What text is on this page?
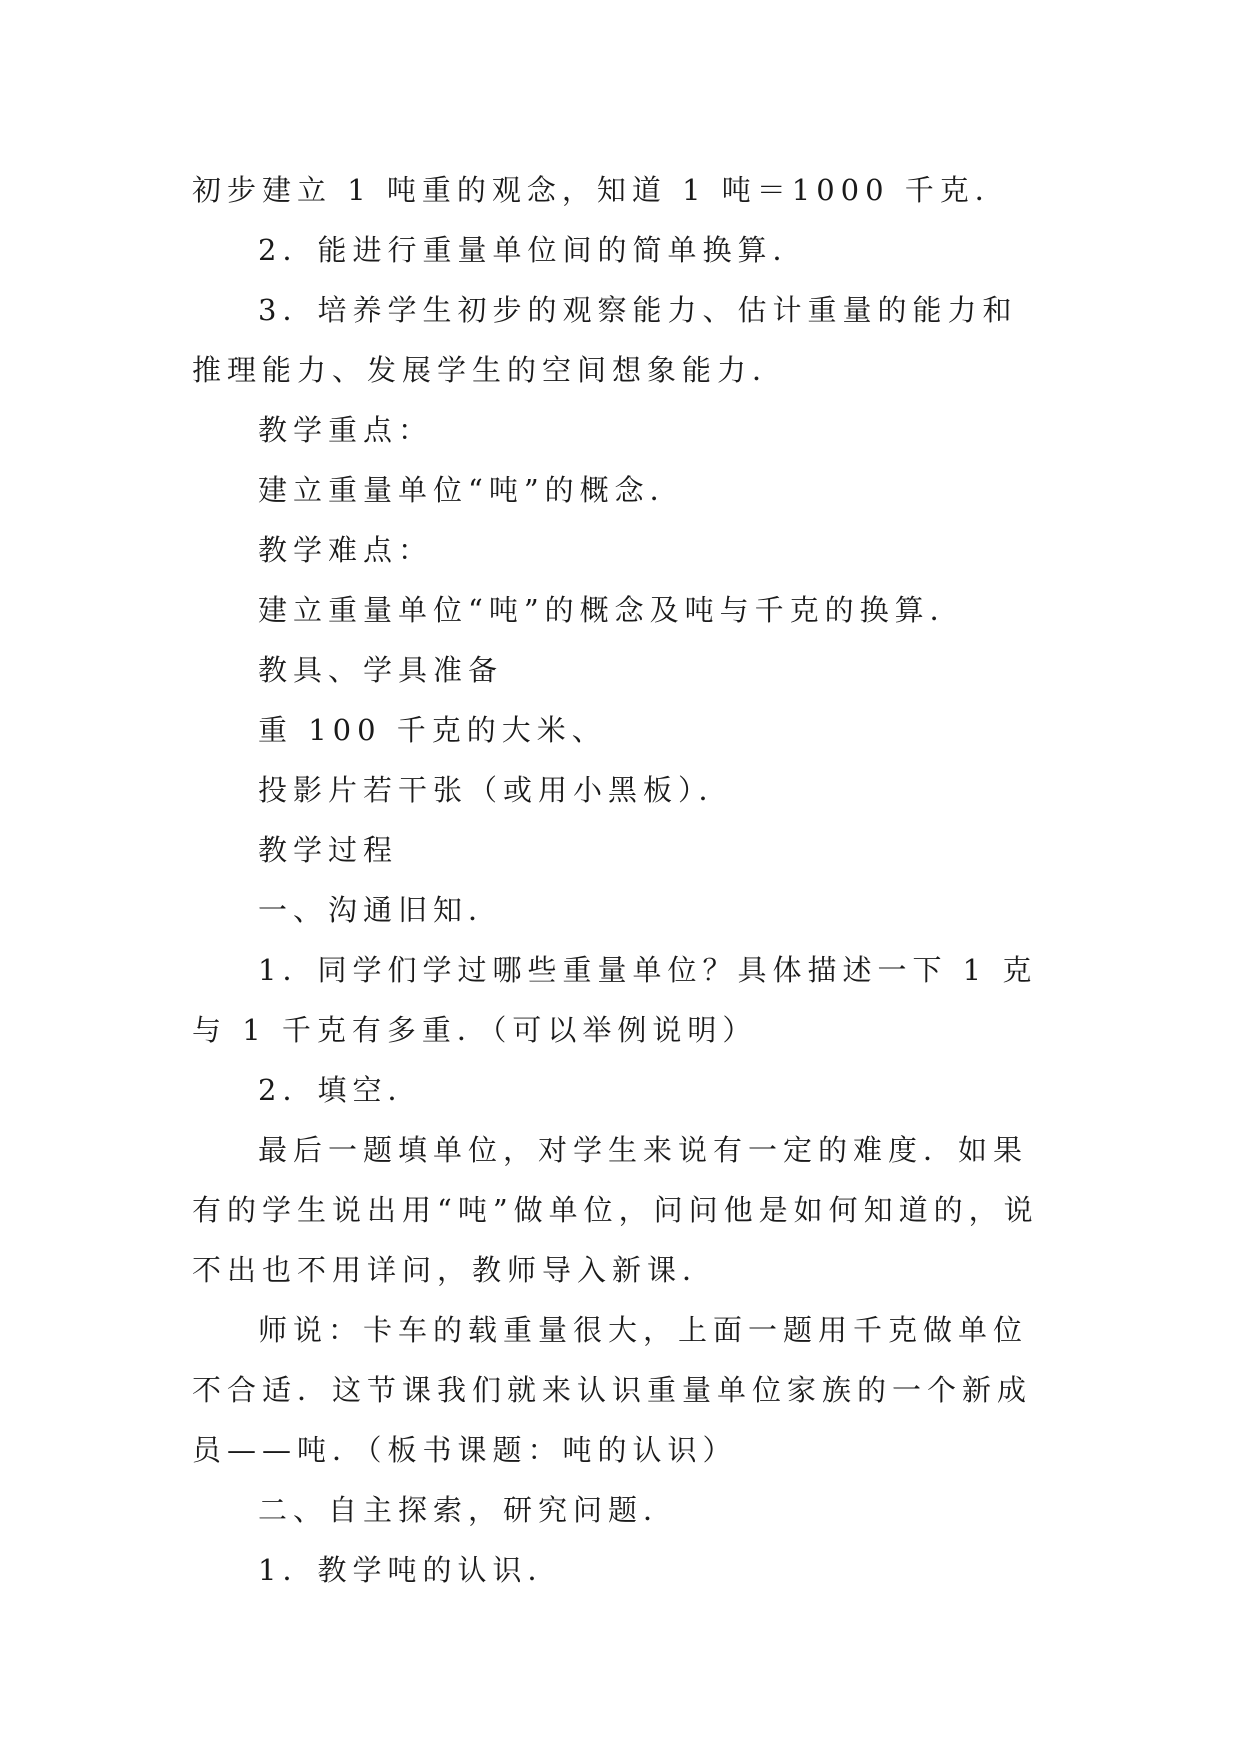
初步建立 1 吨重的观念，知道 1 吨＝1000 千克．

2．能进行重量单位间的简单换算．

3．培养学生初步的观察能力、估计重量的能力和推理能力、发展学生的空间想象能力．

教学重点：

建立重量单位“吨”的概念．

教学难点：

建立重量单位“吨”的概念及吨与千克的换算．

教具、学具准备

重 100 千克的大米、

投影片若干张（或用小黑板）．

教学过程

一、沟通旧知．

1．同学们学过哪些重量单位？具体描述一下 1 克与 1 千克有多重．（可以举例说明）

2．填空．

最后一题填单位，对学生来说有一定的难度．如果有的学生说出用“吨”做单位，问问他是如何知道的，说不出也不用详问，教师导入新课．

师说：卡车的载重量很大，上面一题用千克做单位不合适．这节课我们就来认识重量单位家族的一个新成员——吨．（板书课题：吨的认识）

二、自主探索，研究问题．

1．教学吨的认识．
